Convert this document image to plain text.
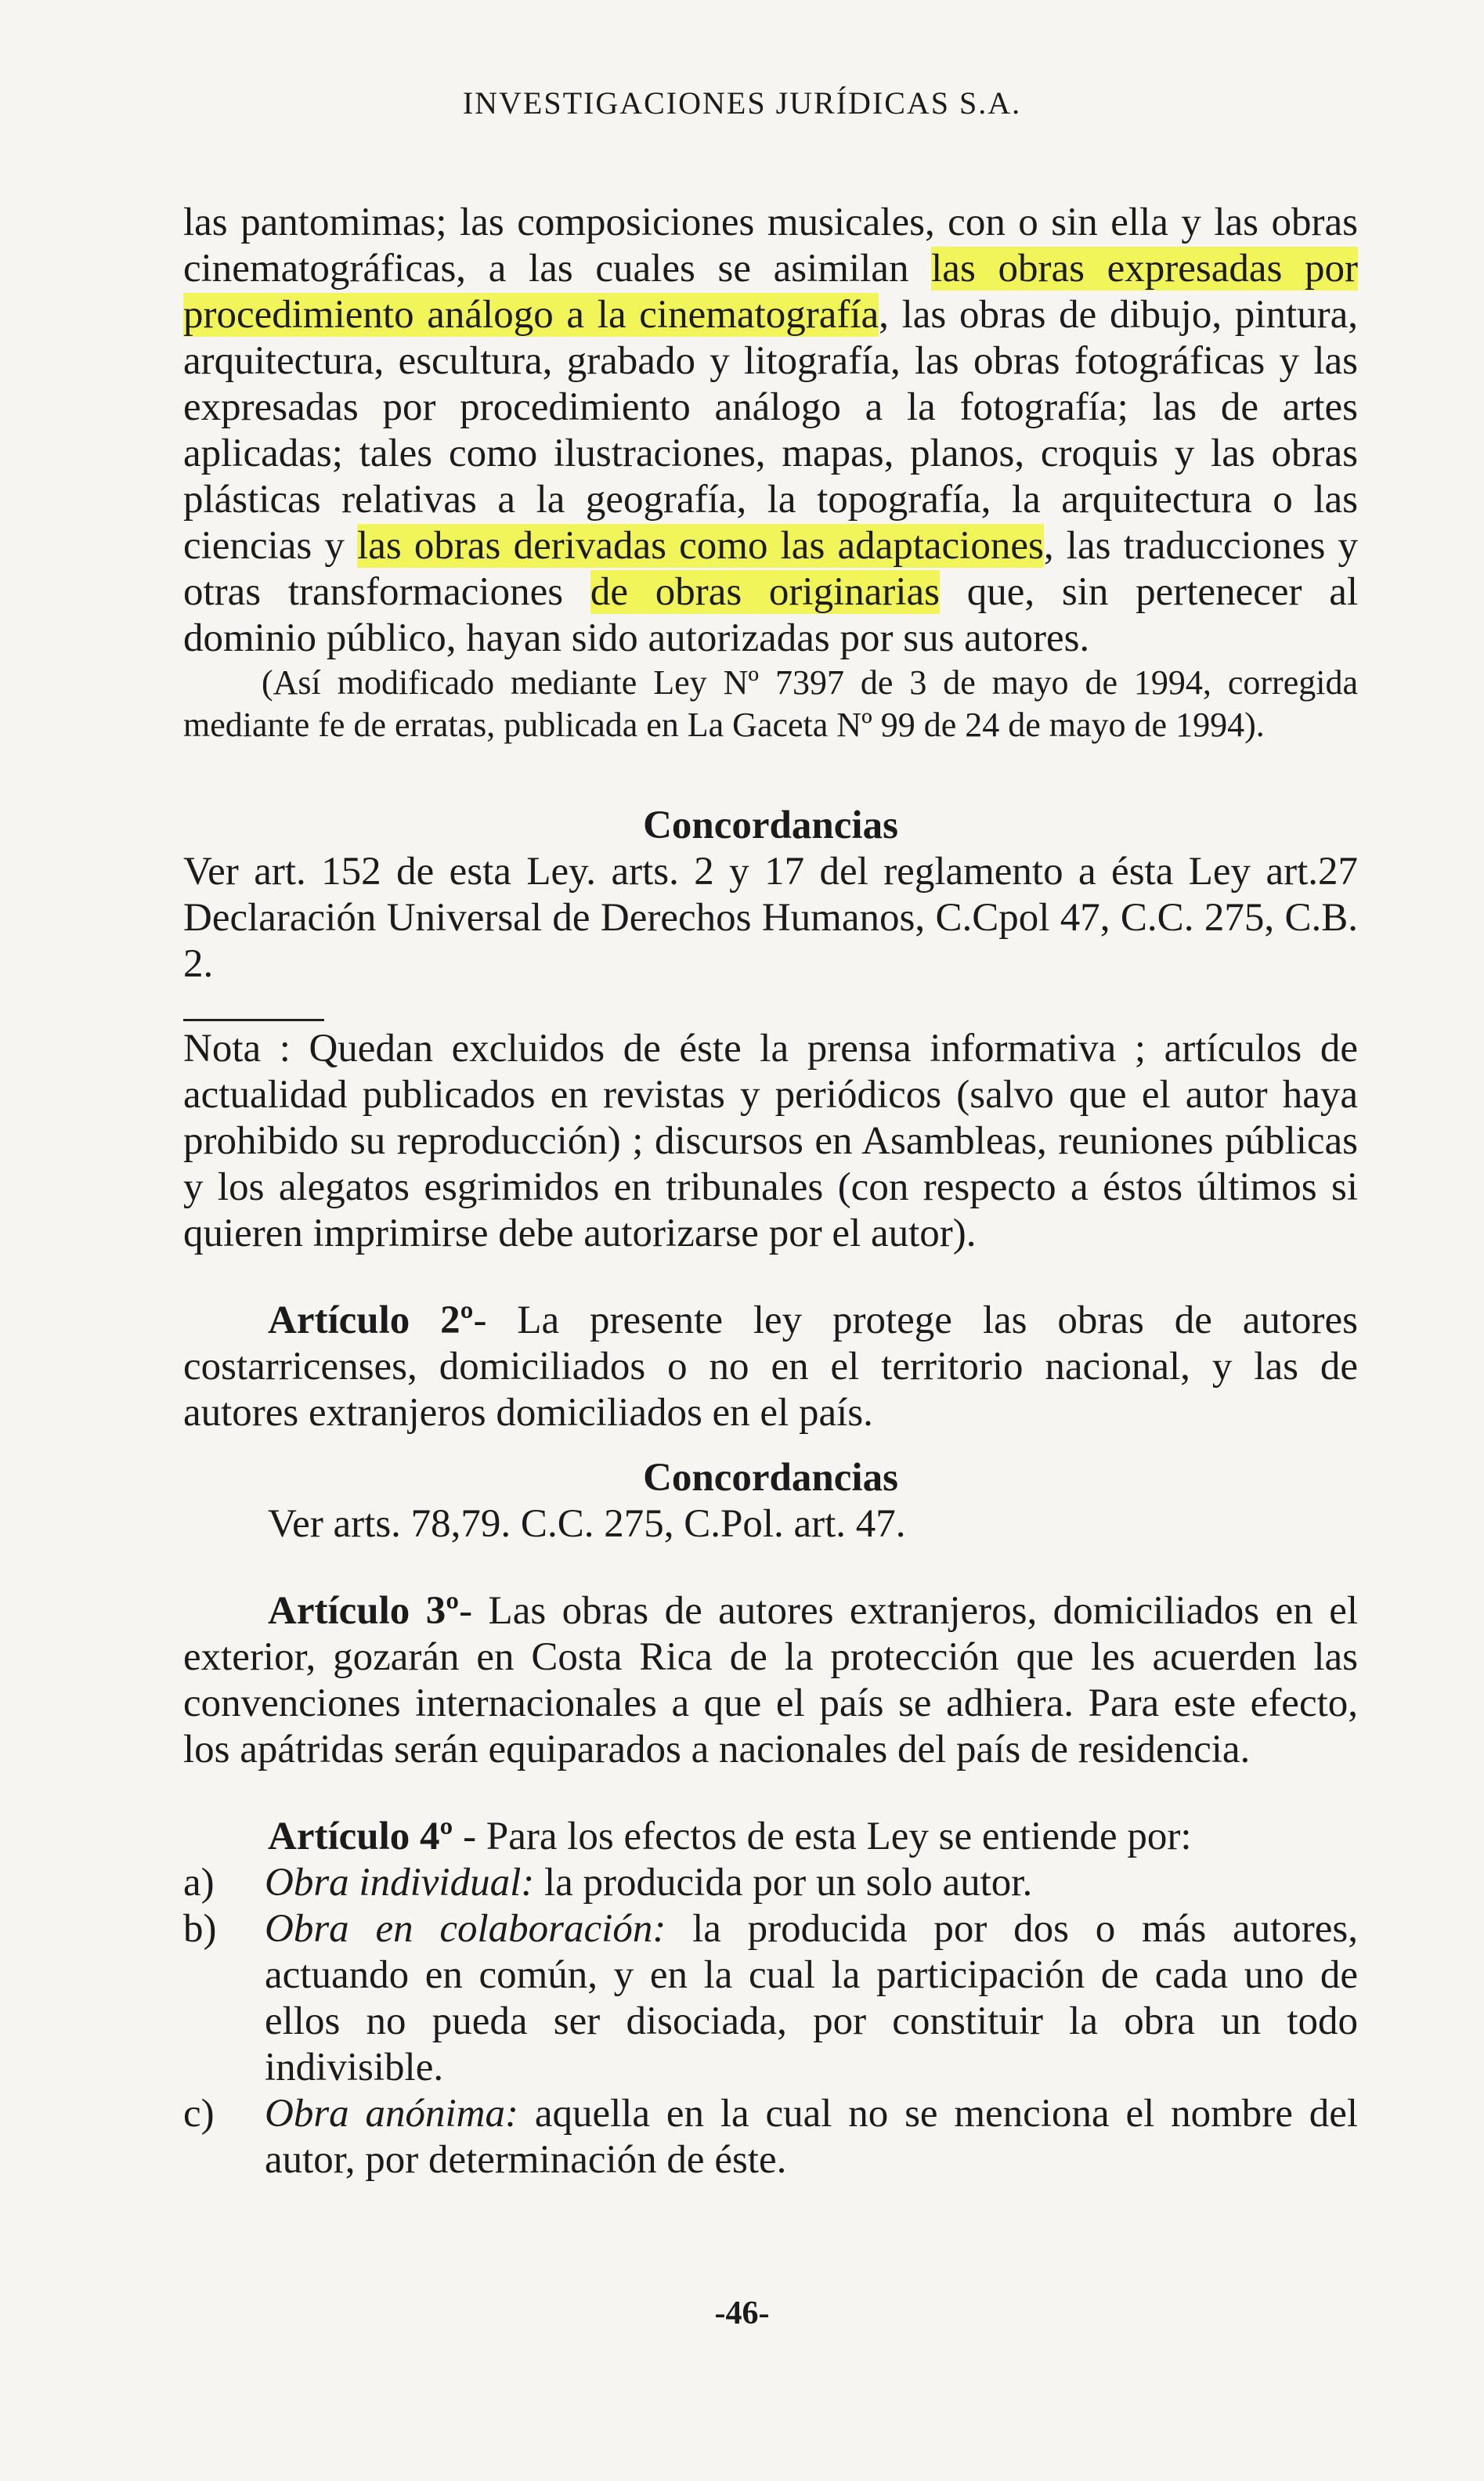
INVESTIGACIONES JURÍDICAS S.A.

las pantomimas; las composiciones musicales, con o sin ella y las obras cinematográficas, a las cuales se asimilan las obras expresadas por procedimiento análogo a la cinematografía, las obras de dibujo, pintura, arquitectura, escultura, grabado y litografía, las obras fotográficas y las expresadas por procedimiento análogo a la fotografía; las de artes aplicadas; tales como ilustraciones, mapas, planos, croquis y las obras plásticas relativas a la geografía, la topografía, la arquitectura o las ciencias y las obras derivadas como las adaptaciones, las traducciones y otras transformaciones de obras originarias que, sin pertenecer al dominio público, hayan sido autorizadas por sus autores.

(Así modificado mediante Ley Nº 7397 de 3 de mayo de 1994, corregida mediante fe de erratas, publicada en La Gaceta Nº 99 de 24 de mayo de 1994).

Concordancias

Ver art. 152 de esta Ley. arts. 2 y 17 del reglamento a ésta Ley art.27 Declaración Universal de Derechos Humanos, C.Cpol 47, C.C. 275, C.B. 2.

Nota : Quedan excluidos de éste la prensa informativa ; artículos de actualidad publicados en revistas y periódicos (salvo que el autor haya prohibido su reproducción) ; discursos en Asambleas, reuniones públicas y los alegatos esgrimidos en tribunales (con respecto a éstos últimos si quieren imprimirse debe autorizarse por el autor).

Artículo 2º- La presente ley protege las obras de autores costarricenses, domiciliados o no en el territorio nacional, y las de autores extranjeros domiciliados en el país.

Concordancias

Ver arts. 78,79. C.C. 275, C.Pol. art. 47.

Artículo 3º- Las obras de autores extranjeros, domiciliados en el exterior, gozarán en Costa Rica de la protección que les acuerden las convenciones internacionales a que el país se adhiera. Para este efecto, los apátridas serán equiparados a nacionales del país de residencia.

Artículo 4º - Para los efectos de esta Ley se entiende por:

a)	Obra individual: la producida por un solo autor.
b)	Obra en colaboración: la producida por dos o más autores, actuando en común, y en la cual la participación de cada uno de ellos no pueda ser disociada, por constituir la obra un todo indivisible.
c)	Obra anónima: aquella en la cual no se menciona el nombre del autor, por determinación de éste.
-46-
